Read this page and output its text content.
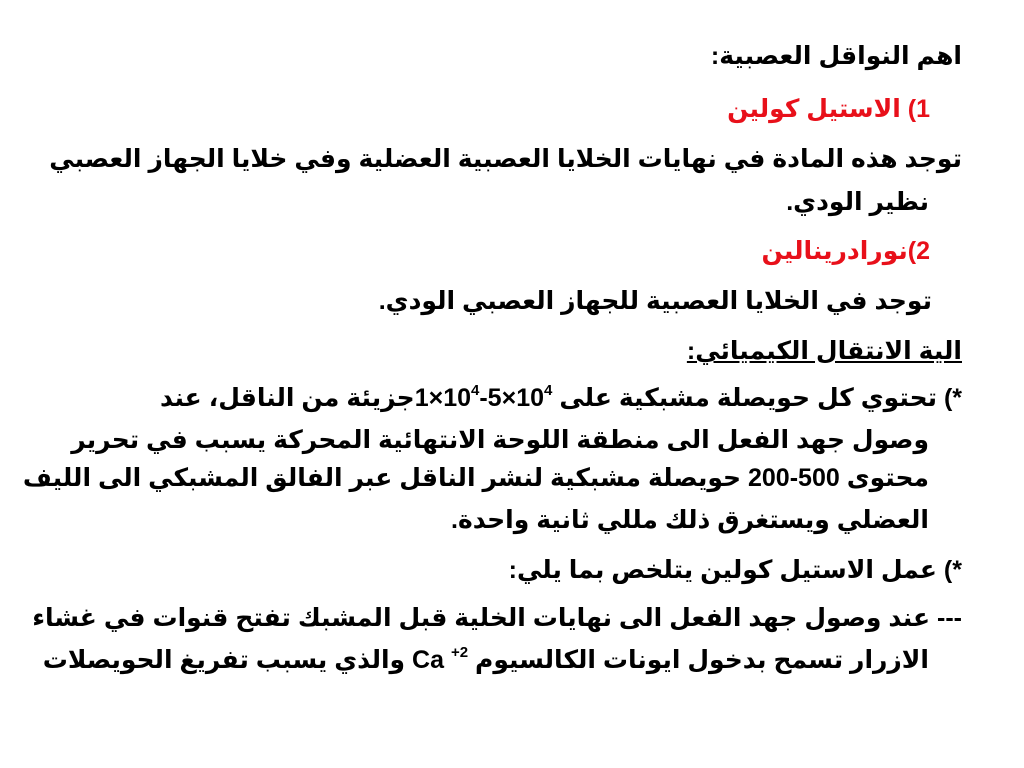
اهم النواقل العصبية:
1) الاستيل كولين
توجد هذه المادة في نهايات الخلايا العصبية العضلية وفي خلايا الجهاز العصبي
نظير الودي.
2)نورادرينالين
توجد في الخلايا العصبية للجهاز العصبي الودي.
الية الانتقال الكيميائي:
*) تحتوي كل حويصلة مشبكية على $1\times 10^4-5\times 10^4جزيئة$ من الناقل، عند
وصول جهد الفعل الى منطقة اللوحة الانتهائية المحركة يسبب في تحرير
محتوى 500-200 حويصلة مشبكية لنشر الناقل عبر الفالق المشبكي الى الليف
العضلي ويستغرق ذلك مللي ثانية واحدة.
*) عمل الاستيل كولين يتلخص بما يلي:
--- عند وصول جهد الفعل الى نهايات الخلية قبل المشبك تفتح قنوات في غشاء
الازرار تسمح بدخول ايونات الكالسيوم Ca $^{+2}$ والذي يسبب تفريغ الحويصلات
